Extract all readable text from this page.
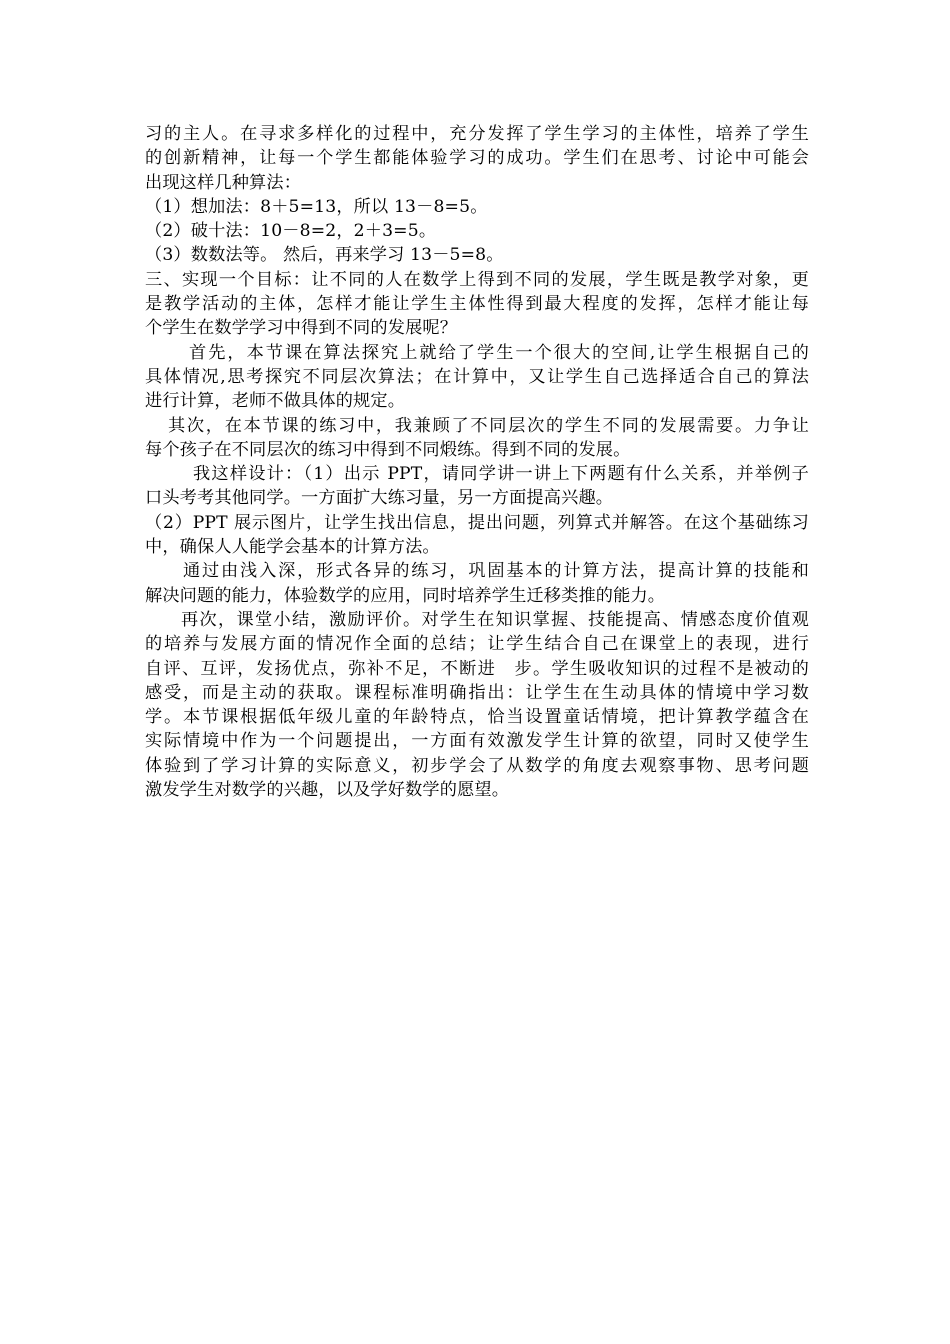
习的主人。在寻求多样化的过程中，充分发挥了学生学习的主体性，培养了学生
的创新精神，让每一个学生都能体验学习的成功。学生们在思考、讨论中可能会
出现这样几种算法：
（1）想加法：8＋5=13，所以 13－8=5。
（2）破十法：10－8=2，2＋3=5。
（3）数数法等。 然后，再来学习 13－5=8。
三、实现一个目标：让不同的人在数学上得到不同的发展，学生既是教学对象，更
是教学活动的主体，怎样才能让学生主体性得到最大程度的发挥，怎样才能让每
个学生在数学学习中得到不同的发展呢？
首先，本节课在算法探究上就给了学生一个很大的空间,让学生根据自己的
具体情况,思考探究不同层次算法；在计算中，又让学生自己选择适合自己的算法
进行计算，老师不做具体的规定。
其次，在本节课的练习中，我兼顾了不同层次的学生不同的发展需要。力争让
每个孩子在不同层次的练习中得到不同煅练。得到不同的发展。
我这样设计：（1）出示 PPT，请同学讲一讲上下两题有什么关系，并举例子
口头考考其他同学。一方面扩大练习量，另一方面提高兴趣。
（2）PPT 展示图片，让学生找出信息，提出问题，列算式并解答。在这个基础练习
中，确保人人能学会基本的计算方法。
通过由浅入深，形式各异的练习，巩固基本的计算方法，提高计算的技能和
解决问题的能力，体验数学的应用，同时培养学生迁移类推的能力。
再次，课堂小结，激励评价。对学生在知识掌握、技能提高、情感态度价值观
的培养与发展方面的情况作全面的总结；让学生结合自己在课堂上的表现，进行
自评、互评，发扬优点，弥补不足，不断进　步。学生吸收知识的过程不是被动的
感受，而是主动的获取。课程标准明确指出：让学生在生动具体的情境中学习数
学。本节课根据低年级儿童的年龄特点，恰当设置童话情境，把计算教学蕴含在
实际情境中作为一个问题提出，一方面有效激发学生计算的欲望，同时又使学生
体验到了学习计算的实际意义，初步学会了从数学的角度去观察事物、思考问题
激发学生对数学的兴趣，以及学好数学的愿望。
